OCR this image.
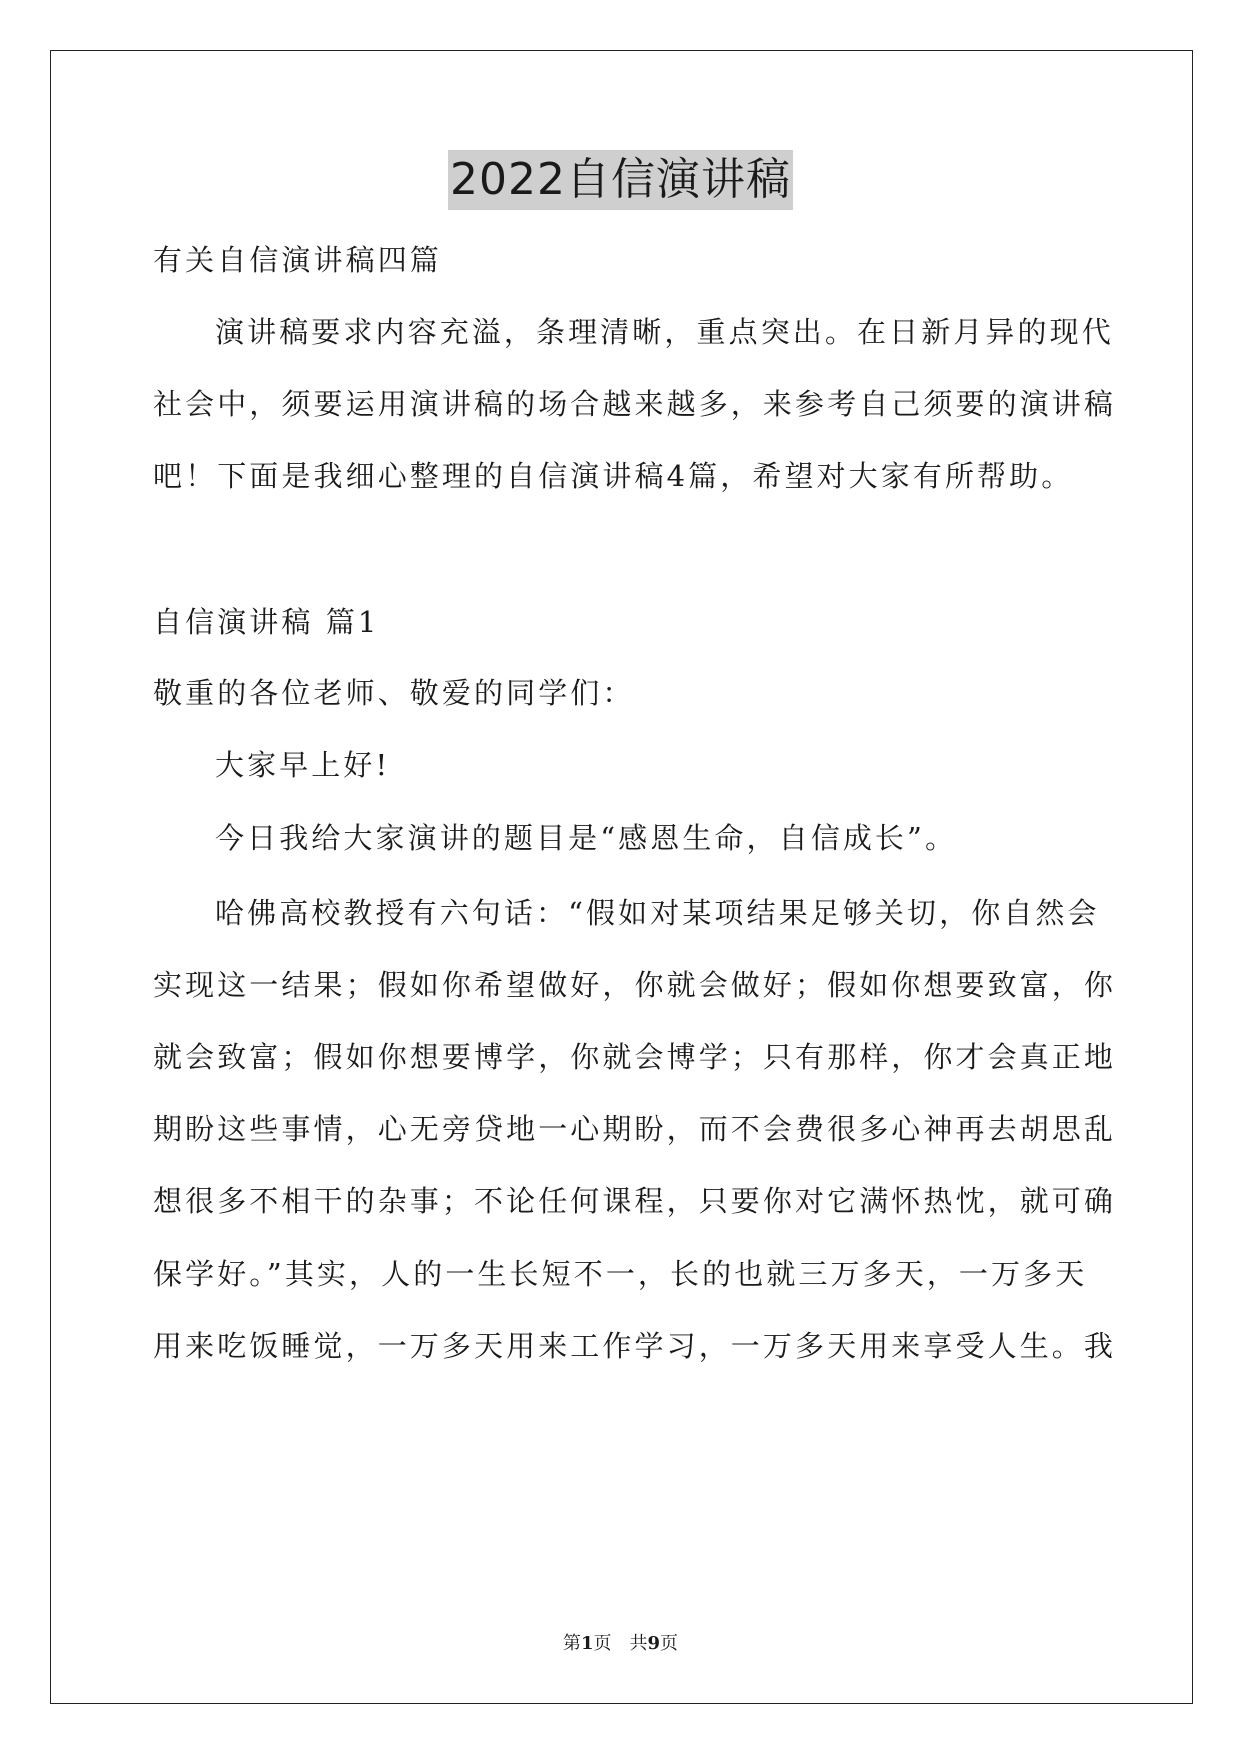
2022自信演讲稿
有关自信演讲稿四篇
演讲稿要求内容充溢，条理清晰，重点突出。在日新月异的现代
社会中，须要运用演讲稿的场合越来越多，来参考自己须要的演讲稿
吧！下面是我细心整理的自信演讲稿4篇，希望对大家有所帮助。
自信演讲稿 篇1
敬重的各位老师、敬爱的同学们：
大家早上好!
今日我给大家演讲的题目是“感恩生命，自信成长”。
哈佛高校教授有六句话：“假如对某项结果足够关切，你自然会
实现这一结果；假如你希望做好，你就会做好；假如你想要致富，你
就会致富；假如你想要博学，你就会博学；只有那样，你才会真正地
期盼这些事情，心无旁贷地一心期盼，而不会费很多心神再去胡思乱
想很多不相干的杂事；不论任何课程，只要你对它满怀热忱，就可确
保学好。”其实，人的一生长短不一，长的也就三万多天，一万多天
用来吃饭睡觉，一万多天用来工作学习，一万多天用来享受人生。我
第1页 共9页
